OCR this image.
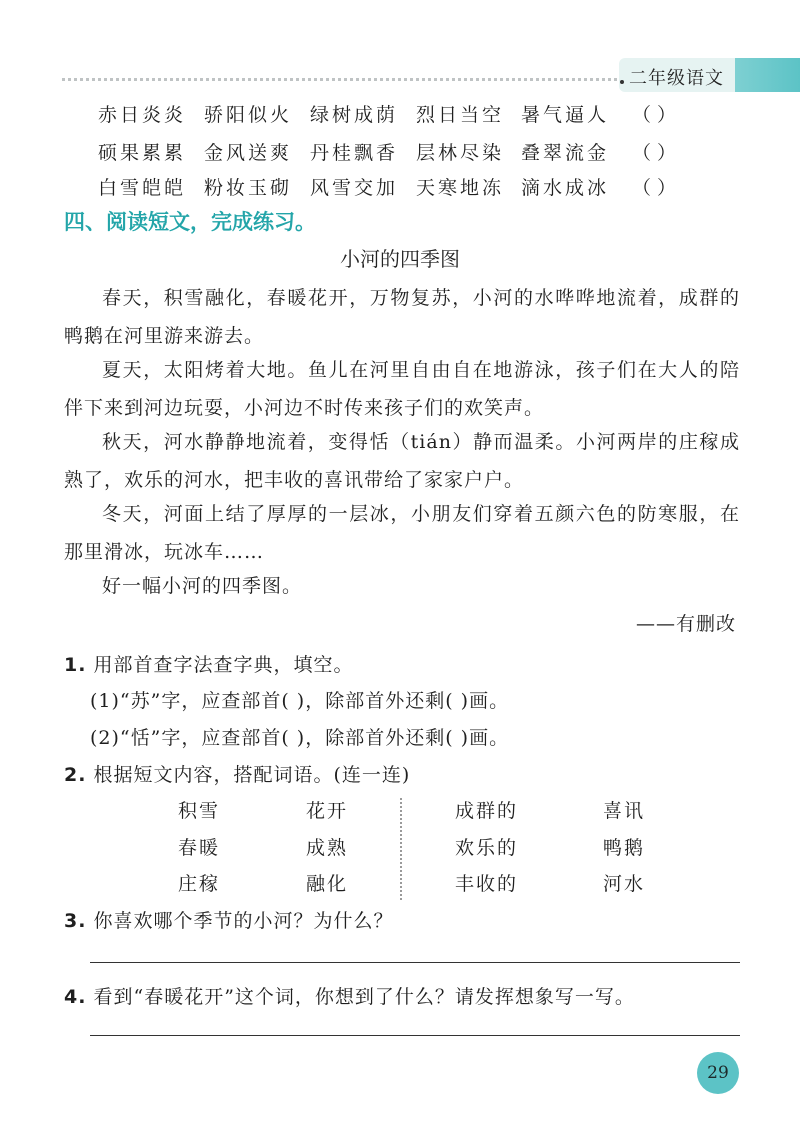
二年级语文
赤日炎炎 骄阳似火 绿树成荫 烈日当空 暑气逼人 （ ）
硕果累累 金风送爽 丹桂飘香 层林尽染 叠翠流金 （ ）
白雪皑皑 粉妆玉砌 风雪交加 天寒地冻 滴水成冰 （ ）
四、阅读短文，完成练习。
小河的四季图
春天，积雪融化，春暖花开，万物复苏，小河的水哗哗地流着，成群的鸭鹅在河里游来游去。
夏天，太阳烤着大地。鱼儿在河里自由自在地游泳，孩子们在大人的陪伴下来到河边玩耍，小河边不时传来孩子们的欢笑声。
秋天，河水静静地流着，变得恬（tián）静而温柔。小河两岸的庄稼成熟了，欢乐的河水，把丰收的喜讯带给了家家户户。
冬天，河面上结了厚厚的一层冰，小朋友们穿着五颜六色的防寒服，在那里滑冰，玩冰车……
好一幅小河的四季图。
——有删改
1. 用部首查字法查字典，填空。
(1)“苏”字，应查部首( )，除部首外还剩( )画。
(2)“恬”字，应查部首( )，除部首外还剩( )画。
2. 根据短文内容，搭配词语。(连一连)
积雪
春暖
庄稼
花开
成熟
融化
成群的
欢乐的
丰收的
喜讯
鸭鹅
河水
3. 你喜欢哪个季节的小河？为什么？
4. 看到“春暖花开”这个词，你想到了什么？请发挥想象写一写。
29
